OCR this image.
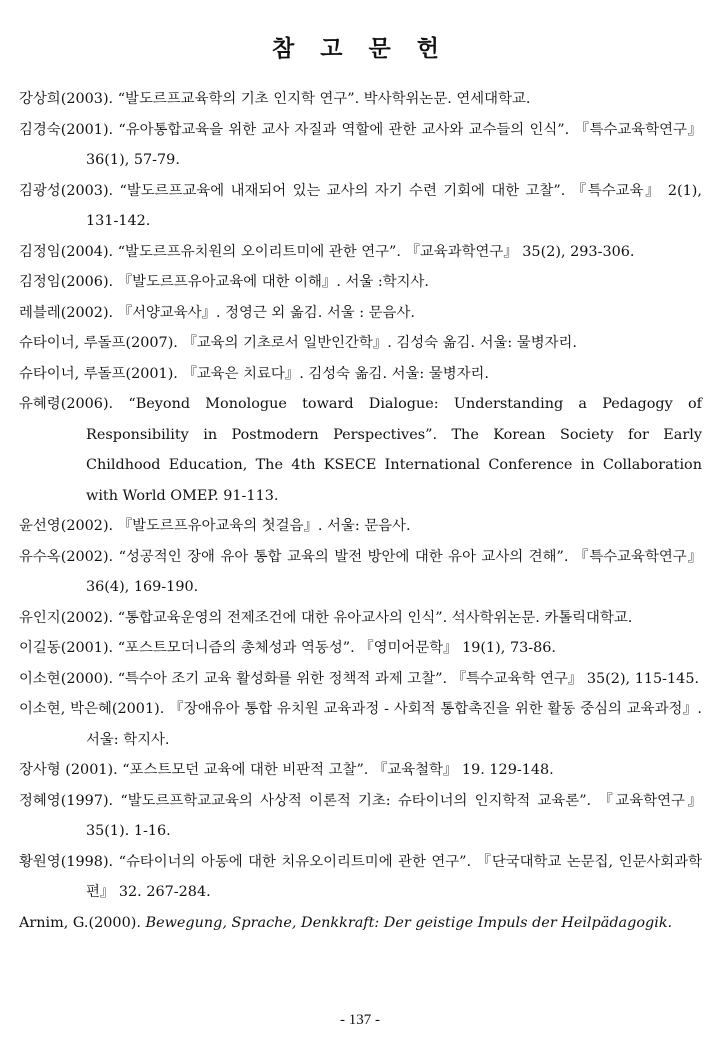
참 고 문 헌
강상희(2003). “발도르프교육학의 기초 인지학 연구”. 박사학위논문. 연세대학교.
김경숙(2001). “유아통합교육을 위한 교사 자질과 역할에 관한 교사와 교수들의 인식”. 『특수교육학연구』 36(1), 57-79.
김광성(2003). “발도르프교육에 내재되어 있는 교사의 자기 수련 기회에 대한 고찰”. 『특수교육』 2(1), 131-142.
김정임(2004). “발도르프유치원의 오이리트미에 관한 연구”. 『교육과학연구』 35(2), 293-306.
김정임(2006). 『발도르프유아교육에 대한 이해』. 서울 :학지사.
레블레(2002). 『서양교육사』. 정영근 외 옮김. 서울 : 문음사.
슈타이너, 루돌프(2007). 『교육의 기초로서 일반인간학』. 김성숙 옮김. 서울: 물병자리.
슈타이너, 루돌프(2001). 『교육은 치료다』. 김성숙 옮김. 서울: 물병자리.
유혜령(2006). “Beyond Monologue toward Dialogue: Understanding a Pedagogy of Responsibility in Postmodern Perspectives”. The Korean Society for Early Childhood Education, The 4th KSECE International Conference in Collaboration with World OMEP. 91-113.
윤선영(2002). 『발도르프유아교육의 첫걸음』. 서울: 문음사.
유수옥(2002). “성공적인 장애 유아 통합 교육의 발전 방안에 대한 유아 교사의 견해”. 『특수교육학연구』 36(4), 169-190.
유인지(2002). “통합교육운영의 전제조건에 대한 유아교사의 인식”. 석사학위논문. 카톨릭대학교.
이길동(2001). “포스트모더니즘의 총체성과 역동성”. 『영미어문학』 19(1), 73-86.
이소현(2000). “특수아 조기 교육 활성화를 위한 정책적 과제 고찰”. 『특수교육학 연구』 35(2), 115-145.
이소현, 박은혜(2001). 『장애유아 통합 유치원 교육과정 - 사회적 통합촉진을 위한 활동 중심의 교육과정』. 서울: 학지사.
장사형 (2001). “포스트모던 교육에 대한 비판적 고찰”. 『교육철학』 19. 129-148.
정혜영(1997). “발도르프학교교육의 사상적 이론적 기초: 슈타이너의 인지학적 교육론”. 『교육학연구』 35(1). 1-16.
황원영(1998). “슈타이너의 아동에 대한 치유오이리트미에 관한 연구”. 『단국대학교 논문집, 인문사회과학편』 32. 267-284.
Arnim, G.(2000). Bewegung, Sprache, Denkkraft: Der geistige Impuls der Heilpädagogik.
- 137 -
